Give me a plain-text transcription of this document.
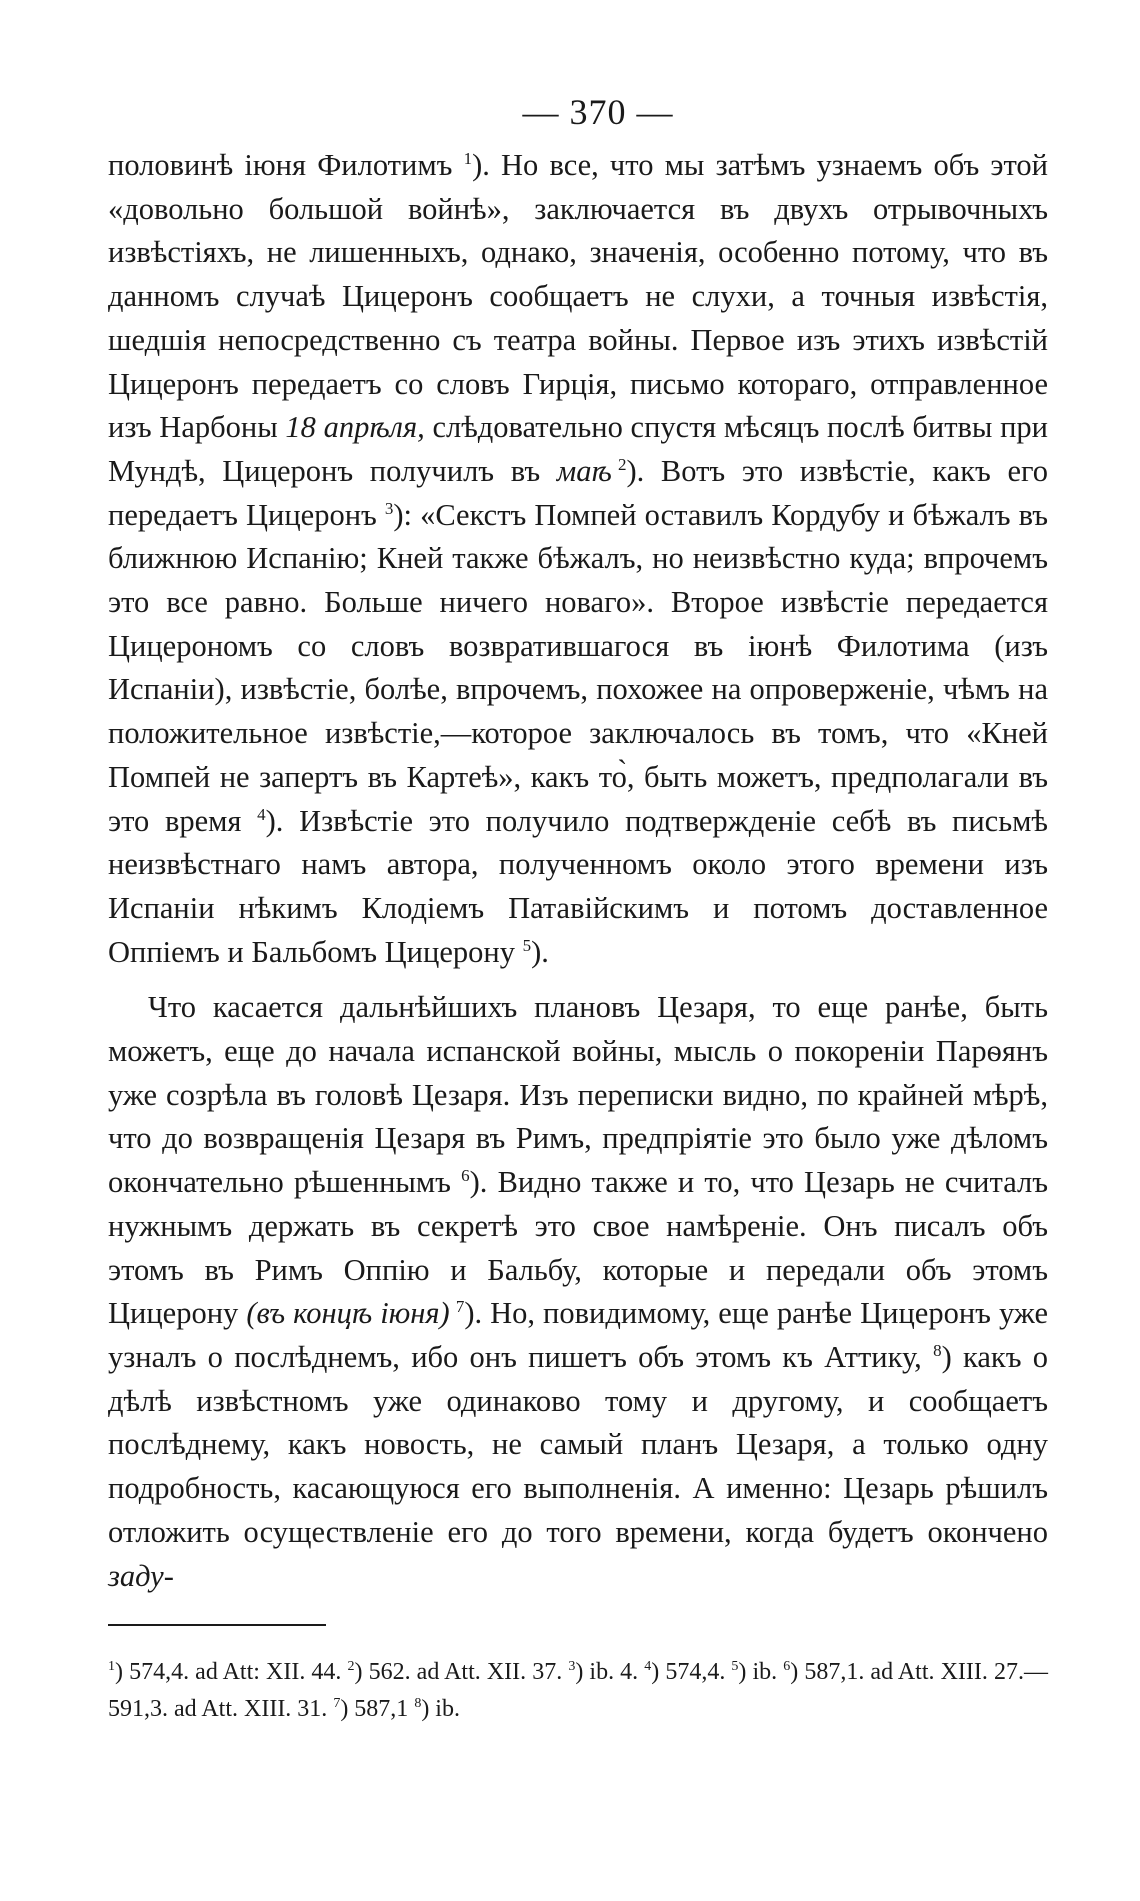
— 370 —

половинѣ іюня Филотимъ $^1$). Но все, что мы затѣмъ узнаемъ объ этой «довольно большой войнѣ», заключается въ двухъ отрывочныхъ извѣстіяхъ, не лишенныхъ, однако, значенія, особенно потому, что въ данномъ случаѣ Цицеронъ сообщаетъ не слухи, а точныя извѣстія, шедшія непосредственно съ театра войны. Первое изъ этихъ извѣстій Цицеронъ передаетъ со словъ Гирція, письмо котораго, отправленное изъ Нарбоны 18 апрѣля, слѣдовательно спустя мѣсяцъ послѣ битвы при Мундѣ, Цицеронъ получилъ въ маѣ  $^2$). Вотъ это извѣстіе, какъ его передаетъ Цицеронъ $^3$): «Секстъ Помпей оставилъ Кордубу и бѣжалъ въ ближнюю Испанію; Кней также бѣжалъ, но неизвѣстно куда; впрочемъ это все равно. Больше ничего новаго». Второе извѣстіе передается Цицерономъ со словъ возвратившагося въ іюнѣ Филотима (изъ Испаніи), извѣстіе, болѣе, впрочемъ, похожее на опроверженіе, чѣмъ на положительное извѣстіе,—которое заключалось въ томъ, что «Кней Помпей не запертъ въ Картеѣ», какъ то̀, быть можетъ, предполагали въ это время $^4$). Извѣстіе это получило подтвержденіе себѣ въ письмѣ неизвѣстнаго намъ автора, полученномъ около этого времени изъ Испаніи нѣкимъ Клодіемъ Патавійскимъ и потомъ доставленное Оппіемъ и Бальбомъ Цицерону $^5$).

Что касается дальнѣйшихъ плановъ Цезаря, то еще ранѣе, быть можетъ, еще до начала испанской войны, мысль о покореніи Парѳянъ уже созрѣла въ головѣ Цезаря. Изъ переписки видно, по крайней мѣрѣ, что до возвращенія Цезаря въ Римъ, предпріятіе это было уже дѣломъ окончательно рѣшеннымъ $^6$). Видно также и то, что Цезарь не считалъ нужнымъ держать въ секретѣ это свое намѣреніе. Онъ писалъ объ этомъ въ Римъ Оппію и Бальбу, которые и передали объ этомъ Цицерону (въ концѣ іюня)  $^7$). Но, повидимому, еще ранѣе Цицеронъ уже узналъ о послѣднемъ, ибо онъ пишетъ объ этомъ къ Аттику, $^8$) какъ о дѣлѣ извѣстномъ уже одинаково тому и другому, и сообщаетъ послѣднему, какъ новость, не самый планъ Цезаря, а только одну подробность, касающуюся его выполненія. А именно: Цезарь рѣшилъ отложить осуществленіе его до того времени, когда будетъ окончено заду-

$^1$) 574,4. ad Att: XII. 44. $^2$) 562. ad Att. XII. 37. $^3$) ib. 4. $^4$) 574,4. $^5$) ib. $^6$) 587,1. ad Att. XIII. 27.—591,3. ad Att. XIII. 31. $^7$) 587,1 $^8$) ib.
